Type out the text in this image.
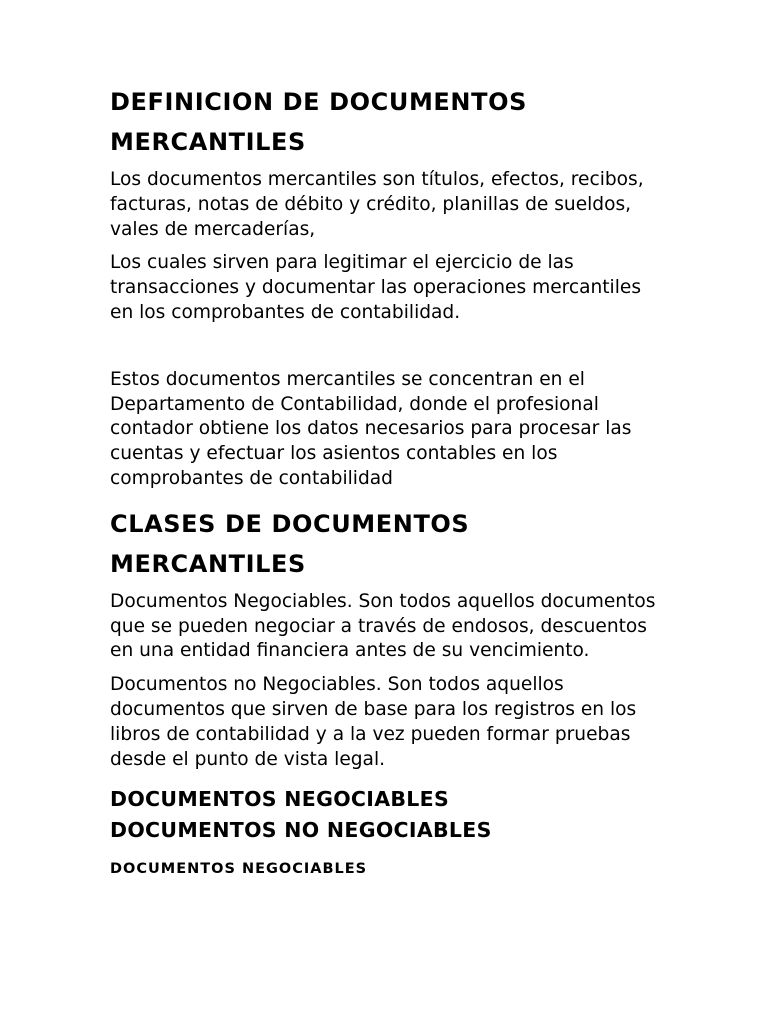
DEFINICION DE DOCUMENTOS MERCANTILES
Los documentos mercantiles son títulos, efectos, recibos, facturas, notas de débito y crédito, planillas de sueldos, vales de mercaderías,
Los cuales sirven para legitimar el ejercicio de las transacciones y documentar las operaciones mercantiles en los comprobantes de contabilidad.
Estos documentos mercantiles se concentran en el Departamento de Contabilidad, donde el profesional contador obtiene los datos necesarios para procesar las cuentas y efectuar los asientos contables en los comprobantes de contabilidad
CLASES DE DOCUMENTOS MERCANTILES
Documentos Negociables. Son todos aquellos documentos que se pueden negociar a través de endosos, descuentos en una entidad financiera antes de su vencimiento.
Documentos no Negociables. Son todos aquellos documentos que sirven de base para los registros en los libros de contabilidad y a la vez pueden formar pruebas desde el punto de vista legal.
DOCUMENTOS NEGOCIABLES
DOCUMENTOS NO NEGOCIABLES
DOCUMENTOS NEGOCIABLES
